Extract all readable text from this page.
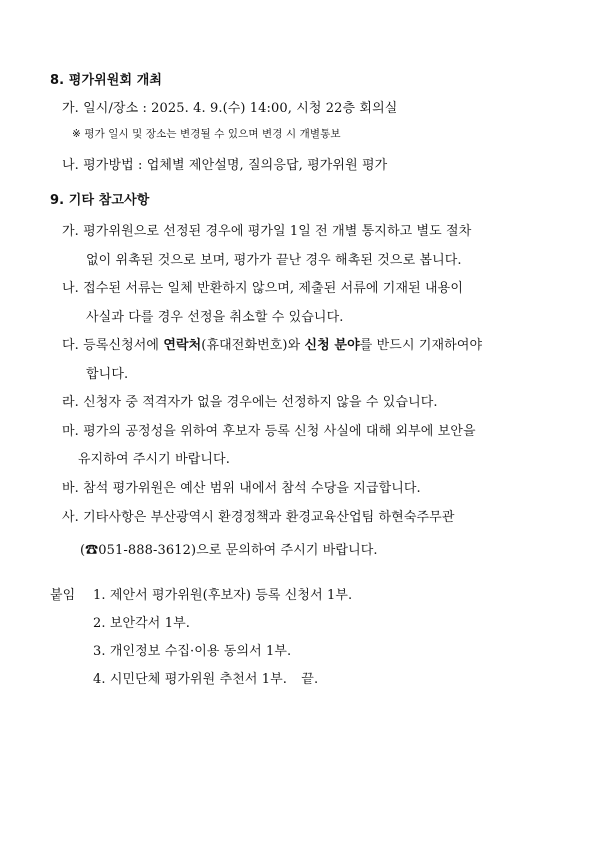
8. 평가위원회 개최
가. 일시/장소 : 2025. 4. 9.(수) 14:00, 시청 22층 회의실
※ 평가 일시 및 장소는 변경될 수 있으며 변경 시 개별통보
나. 평가방법 : 업체별 제안설명, 질의응답, 평가위원 평가
9. 기타 참고사항
가. 평가위원으로 선정된 경우에 평가일 1일 전 개별 통지하고 별도 절차
없이 위촉된 것으로 보며, 평가가 끝난 경우 해촉된 것으로 봅니다.
나. 접수된 서류는 일체 반환하지 않으며, 제출된 서류에 기재된 내용이
사실과 다를 경우 선정을 취소할 수 있습니다.
다. 등록신청서에 연락처(휴대전화번호)와 신청 분야를 반드시 기재하여야
합니다.
라. 신청자 중 적격자가 없을 경우에는 선정하지 않을 수 있습니다.
마. 평가의 공정성을 위하여 후보자 등록 신청 사실에 대해 외부에 보안을
유지하여 주시기 바랍니다.
바. 참석 평가위원은 예산 범위 내에서 참석 수당을 지급합니다.
사. 기타사항은 부산광역시 환경정책과 환경교육산업팀 하현숙주무관
(☎051-888-3612)으로 문의하여 주시기 바랍니다.
붙임 1. 제안서 평가위원(후보자) 등록 신청서 1부.
2. 보안각서 1부.
3. 개인정보 수집·이용 동의서 1부.
4. 시민단체 평가위원 추천서 1부. 끝.
